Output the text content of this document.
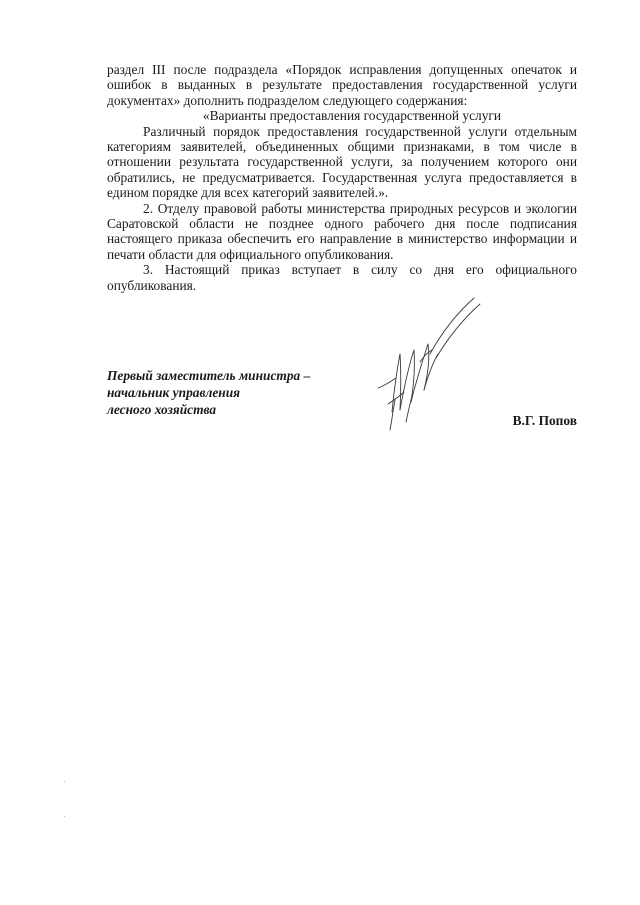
раздел III после подраздела «Порядок исправления допущенных опечаток и ошибок в выданных в результате предоставления государственной услуги документах» дополнить подразделом следующего содержания:

«Варианты предоставления государственной услуги

Различный порядок предоставления государственной услуги отдельным категориям заявителей, объединенных общими признаками, в том числе в отношении результата государственной услуги, за получением которого они обратились, не предусматривается. Государственная услуга предоставляется в едином порядке для всех категорий заявителей.».

2. Отделу правовой работы министерства природных ресурсов и экологии Саратовской области не позднее одного рабочего дня после подписания настоящего приказа обеспечить его направление в министерство информации и печати области для официального опубликования.

3. Настоящий приказ вступает в силу со дня его официального опубликования.

Первый заместитель министра –
начальник управления
лесного хозяйства
В.Г. Попов
